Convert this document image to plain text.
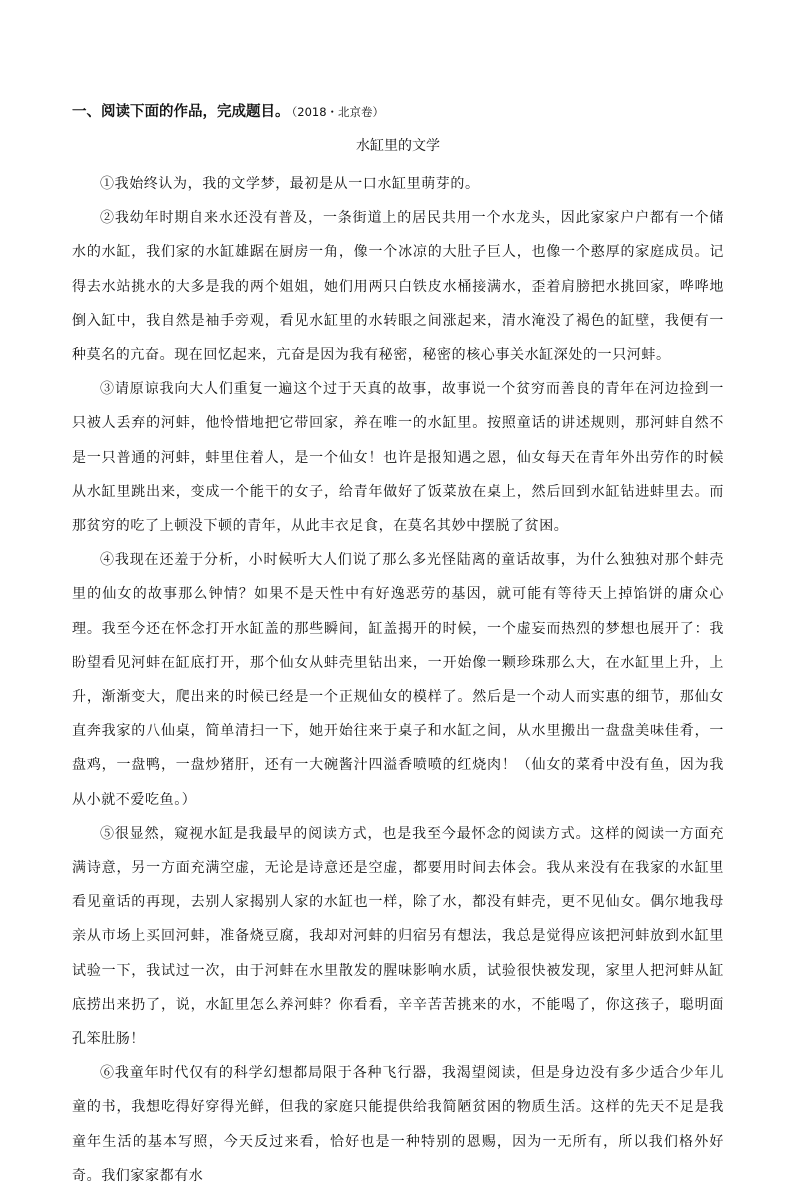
一、阅读下面的作品，完成题目。 （2018・北京卷）
水缸里的文学

①我始终认为，我的文学梦，最初是从一口水缸里萌芽的。

②我幼年时期自来水还没有普及，一条街道上的居民共用一个水龙头，因此家家户户都有一个储水的水缸，我们家的水缸雄踞在厨房一角，像一个冰凉的大肚子巨人，也像一个憨厚的家庭成员。记得去水站挑水的大多是我的两个姐姐，她们用两只白铁皮水桶接满水，歪着肩膀把水挑回家，哗哗地倒入缸中，我自然是袖手旁观，看见水缸里的水转眼之间涨起来，清水淹没了褐色的缸壁，我便有一种莫名的亢奋。现在回忆起来，亢奋是因为我有秘密，秘密的核心事关水缸深处的一只河蚌。

③请原谅我向大人们重复一遍这个过于天真的故事，故事说一个贫穷而善良的青年在河边捡到一只被人丢弃的河蚌，他怜惜地把它带回家，养在唯一的水缸里。按照童话的讲述规则，那河蚌自然不是一只普通的河蚌，蚌里住着人，是一个仙女！也许是报知遇之恩，仙女每天在青年外出劳作的时候从水缸里跳出来，变成一个能干的女子，给青年做好了饭菜放在桌上，然后回到水缸钻进蚌里去。而那贫穷的吃了上顿没下顿的青年，从此丰衣足食，在莫名其妙中摆脱了贫困。

④我现在还羞于分析，小时候听大人们说了那么多光怪陆离的童话故事，为什么独独对那个蚌壳里的仙女的故事那么钟情？如果不是天性中有好逸恶劳的基因，就可能有等待天上掉馅饼的庸众心理。我至今还在怀念打开水缸盖的那些瞬间，缸盖揭开的时候，一个虚妄而热烈的梦想也展开了：我盼望看见河蚌在缸底打开，那个仙女从蚌壳里钻出来，一开始像一颗珍珠那么大，在水缸里上升，上升，渐渐变大，爬出来的时候已经是一个正规仙女的模样了。然后是一个动人而实惠的细节，那仙女直奔我家的八仙桌，简单清扫一下，她开始往来于桌子和水缸之间，从水里搬出一盘盘美味佳肴，一盘鸡，一盘鸭，一盘炒猪肝，还有一大碗酱汁四溢香喷喷的红烧肉！（仙女的菜肴中没有鱼，因为我从小就不爱吃鱼。）

⑤很显然，窥视水缸是我最早的阅读方式，也是我至今最怀念的阅读方式。这样的阅读一方面充满诗意，另一方面充满空虚，无论是诗意还是空虚，都要用时间去体会。我从来没有在我家的水缸里看见童话的再现，去别人家揭别人家的水缸也一样，除了水，都没有蚌壳，更不见仙女。偶尔地我母亲从市场上买回河蚌，准备烧豆腐，我却对河蚌的归宿另有想法，我总是觉得应该把河蚌放到水缸里试验一下，我试过一次，由于河蚌在水里散发的腥味影响水质，试验很快被发现，家里人把河蚌从缸底捞出来扔了，说，水缸里怎么养河蚌？你看看，辛辛苦苦挑来的水，不能喝了，你这孩子，聪明面孔笨肚肠！

⑥我童年时代仅有的科学幻想都局限于各种飞行器，我渴望阅读，但是身边没有多少适合少年儿童的书，我想吃得好穿得光鲜，但我的家庭只能提供给我简陋贫困的物质生活。这样的先天不足是我童年生活的基本写照，今天反过来看，恰好也是一种特别的恩赐，因为一无所有，所以我们格外好奇。我们家家都有水
